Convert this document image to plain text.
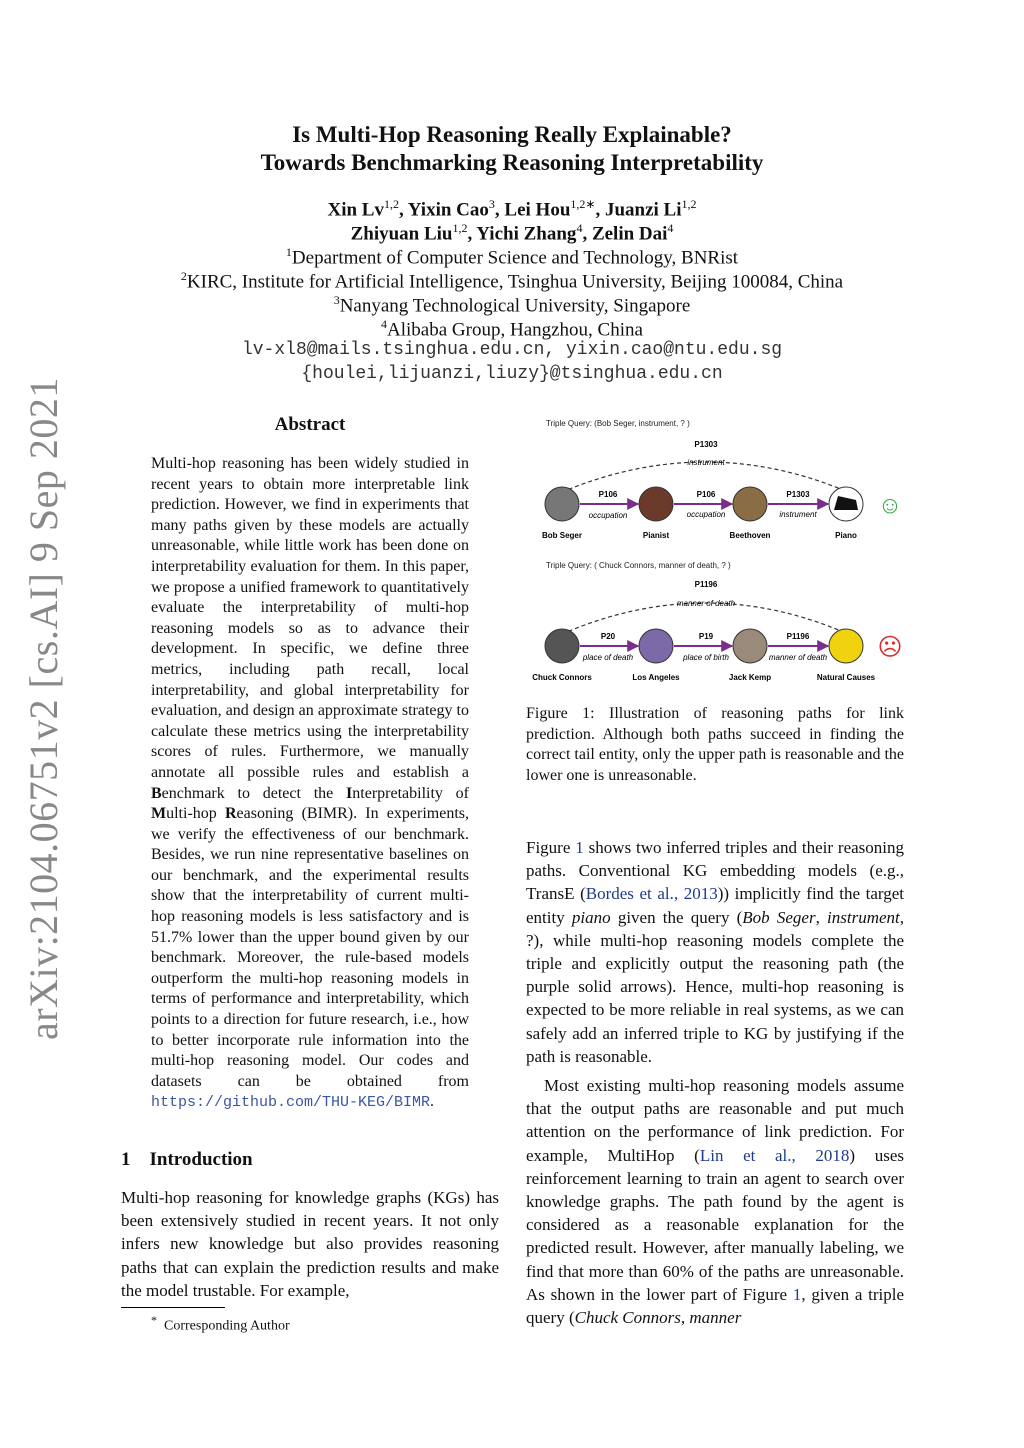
Is Multi-Hop Reasoning Really Explainable?
Towards Benchmarking Reasoning Interpretability
Xin Lv$^{1,2}$, Yixin Cao$^3$, Lei Hou$^{1,2∗}$, Juanzi Li$^{1,2}$
Zhiyuan Liu$^{1,2}$, Yichi Zhang$^4$, Zelin Dai$^4$
$^1$Department of Computer Science and Technology, BNRist
$^2$KIRC, Institute for Artificial Intelligence, Tsinghua University, Beijing 100084, China
$^3$Nanyang Technological University, Singapore
$^4$Alibaba Group, Hangzhou, China
lv-xl8@mails.tsinghua.edu.cn, yixin.cao@ntu.edu.sg
{houlei,lijuanzi,liuzy}@tsinghua.edu.cn
arXiv:2104.06751v2 [cs.AI] 9 Sep 2021	Abstract
Multi-hop reasoning has been widely studied in recent years to obtain more interpretable link prediction. However, we find in experiments that many paths given by these models are actually unreasonable, while little work has been done on interpretability evaluation for them. In this paper, we propose a unified framework to quantitatively evaluate the interpretability of multi-hop reasoning models so as to advance their development. In specific, we define three metrics, including path recall, local interpretability, and global interpretability for evaluation, and design an approximate strategy to calculate these metrics using the interpretability scores of rules. Furthermore, we manually annotate all possible rules and establish a Benchmark to detect the Interpretability of Multi-hop Reasoning (BIMR). In experiments, we verify the effectiveness of our benchmark. Besides, we run nine representative baselines on our benchmark, and the experimental results show that the interpretability of current multi-hop reasoning models is less satisfactory and is 51.7% lower than the upper bound given by our benchmark. Moreover, the rule-based models outperform the multi-hop reasoning models in terms of performance and interpretability, which points to a direction for future research, i.e., how to better incorporate rule information into the multi-hop reasoning model. Our codes and datasets can be obtained from https://github.com/THU-KEG/BIMR.
1 Introduction
Multi-hop reasoning for knowledge graphs (KGs) has been extensively studied in recent years. It not only infers new knowledge but also provides reasoning paths that can explain the prediction results and make the model trustable. For example,
* Corresponding Author
Triple Query: (Bob Seger, instrument, ? )
P1303
instrument
P106
occupation
P106
occupation
P1303
instrument
Bob Seger	Pianist	Beethoven	Piano
☺
Triple Query: ( Chuck Connors, manner of death, ? )
P1196
manner of death
P20
place of death
P19
place of birth
P1196
manner of death
Chuck Connors	Los Angeles	Jack Kemp	Natural Causes
☹
Figure 1: Illustration of reasoning paths for link prediction. Although both paths succeed in finding the correct tail entity, only the upper path is reasonable and the lower one is unreasonable.

Figure 1 shows two inferred triples and their reasoning paths. Conventional KG embedding models (e.g., TransE (Bordes et al., 2013)) implicitly find the target entity piano given the query (Bob Seger, instrument, ?), while multi-hop reasoning models complete the triple and explicitly output the reasoning path (the purple solid arrows). Hence, multi-hop reasoning is expected to be more reliable in real systems, as we can safely add an inferred triple to KG by justifying if the path is reasonable.

Most existing multi-hop reasoning models assume that the output paths are reasonable and put much attention on the performance of link prediction. For example, MultiHop (Lin et al., 2018) uses reinforcement learning to train an agent to search over knowledge graphs. The path found by the agent is considered as a reasonable explanation for the predicted result. However, after manually labeling, we find that more than 60% of the paths are unreasonable. As shown in the lower part of Figure 1, given a triple query (Chuck Connors, manner
